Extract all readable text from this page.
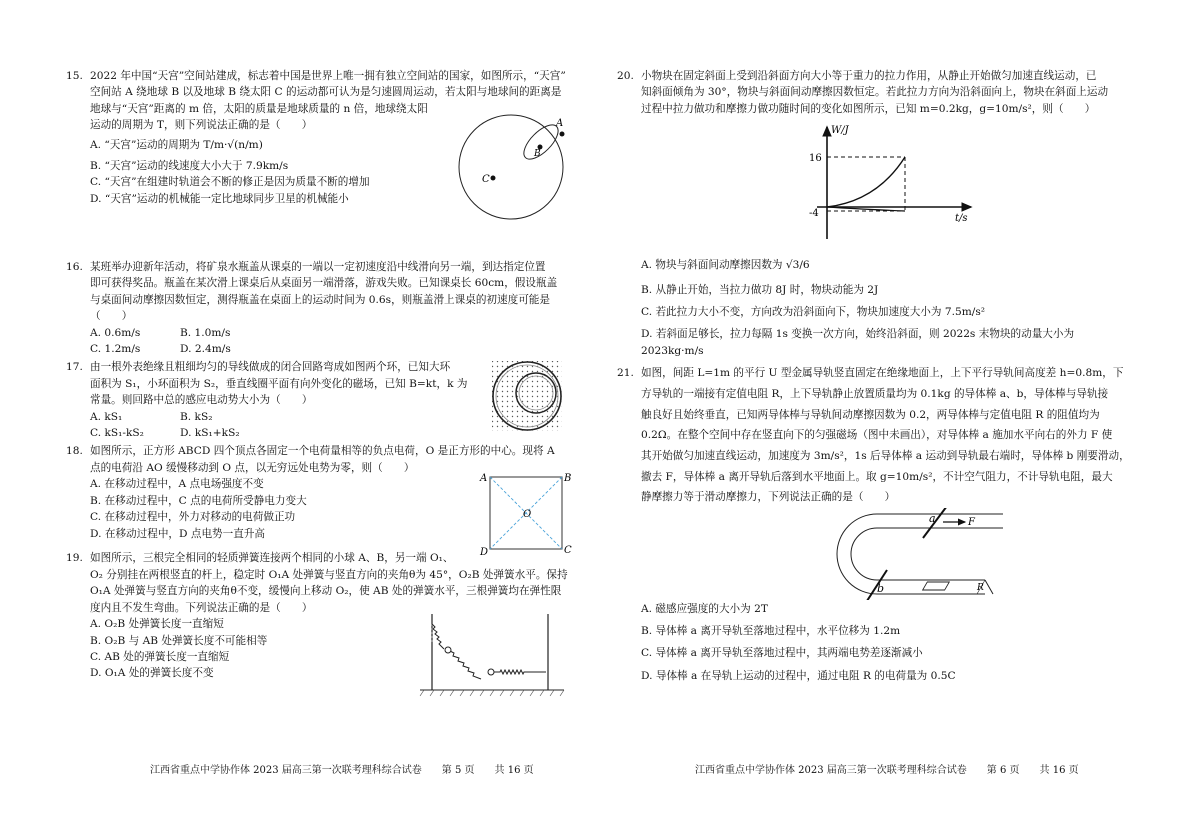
15. 2022 年中国“天宫”空间站建成，标志着中国是世界上唯一拥有独立空间站的国家，如图所示，“天宫”
空间站 A 绕地球 B 以及地球 B 绕太阳 C 的运动都可认为是匀速圆周运动，若太阳与地球间的距离是
地球与“天宫”距离的 m 倍，太阳的质量是地球质量的 n 倍，地球绕太阳
运动的周期为 T，则下列说法正确的是（　　）
A. “天宫”运动的周期为 T/m·√(n/m)
B. “天宫”运动的线速度大小大于 7.9km/s
C. “天宫”在组建时轨道会不断的修正是因为质量不断的增加
D. “天宫”运动的机械能一定比地球同步卫星的机械能小
C
B
A
16. 某班举办迎新年活动，将矿泉水瓶盖从课桌的一端以一定初速度沿中线滑向另一端，到达指定位置
即可获得奖品。瓶盖在某次滑上课桌后从桌面另一端滑落，游戏失败。已知课桌长 60cm，假设瓶盖
与桌面间动摩擦因数恒定，测得瓶盖在桌面上的运动时间为 0.6s，则瓶盖滑上课桌的初速度可能是
（　　）
A. 0.6m/s	B. 1.0m/s
C. 1.2m/s	D. 2.4m/s
17. 由一根外表绝缘且粗细均匀的导线做成的闭合回路弯成如图两个环，已知大环
面积为 S₁，小环面积为 S₂，垂直线圈平面有向外变化的磁场，已知 B=kt，k 为
常量。则回路中总的感应电动势大小为（　　）
A. kS₁	B. kS₂
C. kS₁-kS₂	D. kS₁+kS₂
18. 如图所示，正方形 ABCD 四个顶点各固定一个电荷量相等的负点电荷，O 是正方形的中心。现将 A
点的电荷沿 AO 缓慢移动到 O 点，以无穷远处电势为零，则（　　）
A. 在移动过程中，A 点电场强度不变
B. 在移动过程中，C 点的电荷所受静电力变大
C. 在移动过程中，外力对移动的电荷做正功
D. 在移动过程中，D 点电势一直升高
A	B
C
D
O
19. 如图所示，三根完全相同的轻质弹簧连接两个相同的小球 A、B，另一端 O₁、
O₂ 分别挂在两根竖直的杆上，稳定时 O₁A 处弹簧与竖直方向的夹角θ为 45°，O₂B 处弹簧水平。保持
O₁A 处弹簧与竖直方向的夹角θ不变，缓慢向上移动 O₂，使 AB 处的弹簧水平，三根弹簧均在弹性限
度内且不发生弯曲。下列说法正确的是（　　）
A. O₂B 处弹簧长度一直缩短
B. O₂B 与 AB 处弹簧长度不可能相等
C. AB 处的弹簧长度一直缩短
D. O₁A 处的弹簧长度不变
江西省重点中学协作体 2023 届高三第一次联考理科综合试卷　　第 5 页　　共 16 页
20. 小物块在固定斜面上受到沿斜面方向大小等于重力的拉力作用，从静止开始做匀加速直线运动，已
知斜面倾角为 30°，物块与斜面间动摩擦因数恒定。若此拉力方向为沿斜面向上，物块在斜面上运动
过程中拉力做功和摩擦力做功随时间的变化如图所示，已知 m=0.2kg，g=10m/s²，则（　　）
W/J
t/s
16
-4
A. 物块与斜面间动摩擦因数为 √3/6
B. 从静止开始，当拉力做功 8J 时，物块动能为 2J
C. 若此拉力大小不变，方向改为沿斜面向下，物块加速度大小为 7.5m/s²
D. 若斜面足够长，拉力每隔 1s 变换一次方向，始终沿斜面，则 2022s 末物块的动量大小为 2023kg·m/s
21. 如图，间距 L=1m 的平行 U 型金属导轨竖直固定在绝缘地面上，上下平行导轨间高度差 h=0.8m，下
方导轨的一端接有定值电阻 R，上下导轨静止放置质量均为 0.1kg 的导体棒 a、b，导体棒与导轨接
触良好且始终垂直，已知两导体棒与导轨间动摩擦因数为 0.2，两导体棒与定值电阻 R 的阻值均为
0.2Ω。在整个空间中存在竖直向下的匀强磁场（图中未画出），对导体棒 a 施加水平向右的外力 F 使
其开始做匀加速直线运动，加速度为 3m/s²，1s 后导体棒 a 运动到导轨最右端时，导体棒 b 刚要滑动，
撤去 F，导体棒 a 离开导轨后落到水平地面上。取 g=10m/s²，不计空气阻力，不计导轨电阻，最大
静摩擦力等于滑动摩擦力，下列说法正确的是（　　）
a	F
b	R
A. 磁感应强度的大小为 2T
B. 导体棒 a 离开导轨至落地过程中，水平位移为 1.2m
C. 导体棒 a 离开导轨至落地过程中，其两端电势差逐渐减小
D. 导体棒 a 在导轨上运动的过程中，通过电阻 R 的电荷量为 0.5C
江西省重点中学协作体 2023 届高三第一次联考理科综合试卷　　第 6 页　　共 16 页
